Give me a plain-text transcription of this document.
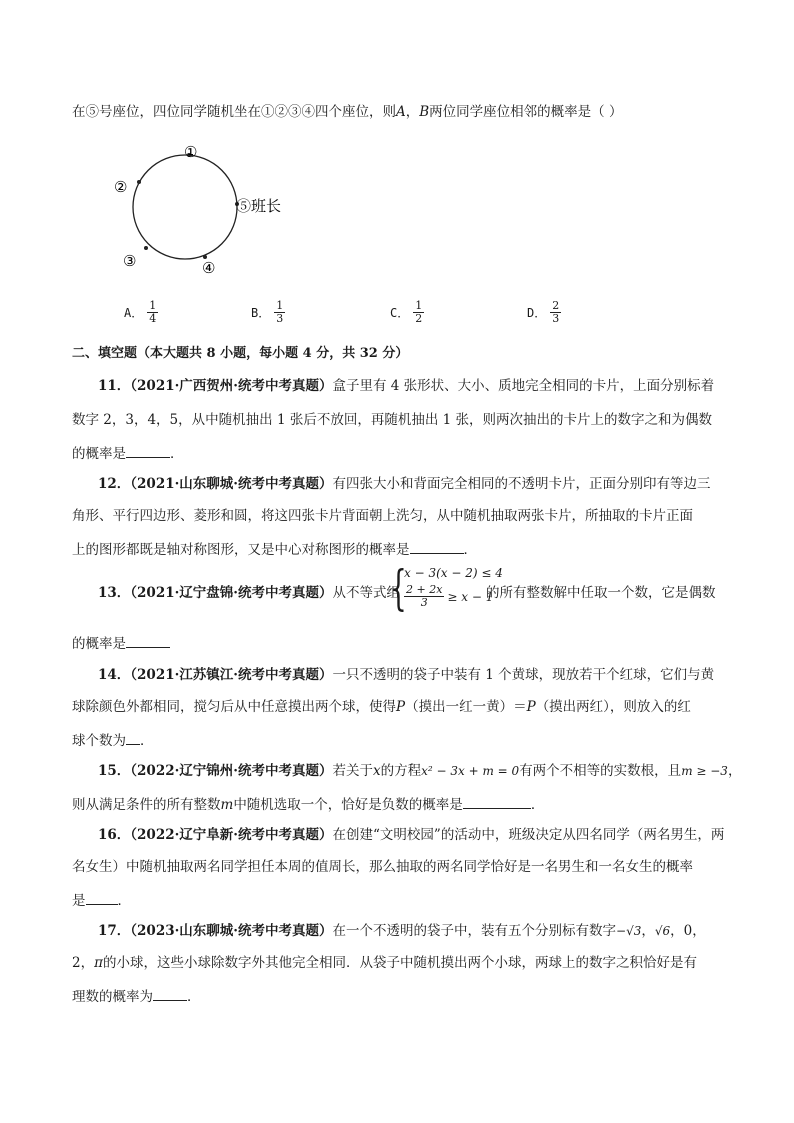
在⑤号座位，四位同学随机坐在①②③④四个座位，则A，B两位同学座位相邻的概率是（ ）
①
②
③	④
⑤班长
A． $\frac{1}{4}$	B． $\frac{1}{3}$	C． $\frac{1}{2}$	D． $\frac{2}{3}$
二、填空题（本大题共 8 小题，每小题 4 分，共 32 分）
11．（2021·广西贺州·统考中考真题）盒子里有 4 张形状、大小、质地完全相同的卡片，上面分别标着
数字 2，3，4，5，从中随机抽出 1 张后不放回，再随机抽出 1 张，则两次抽出的卡片上的数字之和为偶数
的概率是	．
12．（2021·山东聊城·统考中考真题）有四张大小和背面完全相同的不透明卡片，正面分别印有等边三
角形、平行四边形、菱形和圆，将这四张卡片背面朝上洗匀，从中随机抽取两张卡片，所抽取的卡片正面
上的图形都既是轴对称图形，又是中心对称图形的概率是	．
13．（2021·辽宁盘锦·统考中考真题）从不等式组
{
x − 3(x − 2) ≤ 4
$\frac{2 + 2x}{3} \ge x - 1$
的所有整数解中任取一个数，它是偶数
的概率是
14．（2021·江苏镇江·统考中考真题）一只不透明的袋子中装有 1 个黄球，现放若干个红球，它们与黄
球除颜色外都相同，搅匀后从中任意摸出两个球，使得P（摸出一红一黄）＝P（摸出两红），则放入的红
球个数为 ．
15．（2022·辽宁锦州·统考中考真题）若关于x的方程x² − 3x + m = 0有两个不相等的实数根，且m ≥ −3，
则从满足条件的所有整数m中随机选取一个，恰好是负数的概率是	．
16．（2022·辽宁阜新·统考中考真题）在创建“文明校园”的活动中，班级决定从四名同学（两名男生，两
名女生）中随机抽取两名同学担任本周的值周长，那么抽取的两名同学恰好是一名男生和一名女生的概率
是 ．
17．（2023·山东聊城·统考中考真题）在一个不透明的袋子中，装有五个分别标有数字−√3，√6，0，
2，π的小球，这些小球除数字外其他完全相同．从袋子中随机摸出两个小球，两球上的数字之积恰好是有
理数的概率为	．
